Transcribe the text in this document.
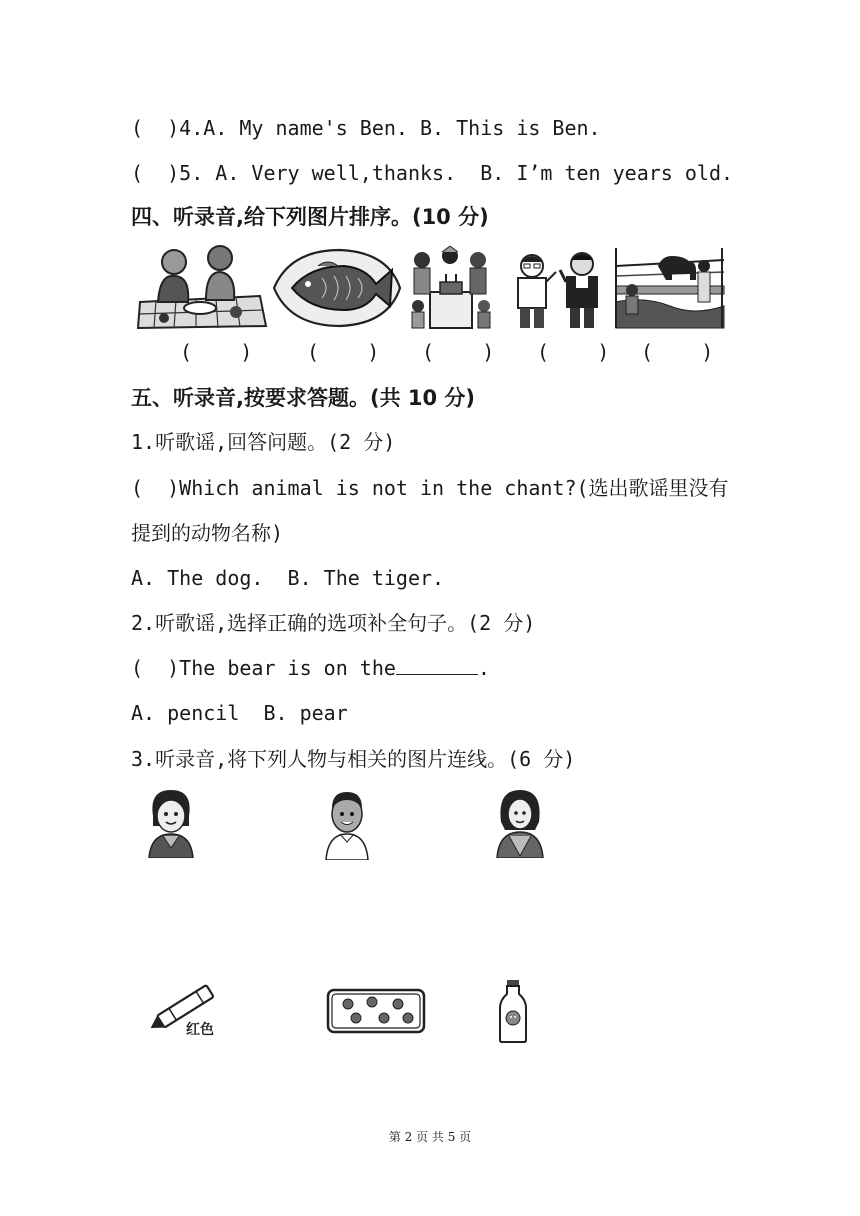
(  )4.A. My name's Ben. B. This is Ben.
(  )5. A. Very well,thanks.  B. I’m ten years old.
四、听录音,给下列图片排序。(10 分)
(    )	(    ) (    ) (    ) (    )
五、听录音,按要求答题。(共 10 分)
1.听歌谣,回答问题。(2 分)
(  )Which animal is not in the chant?(选出歌谣里没有
提到的动物名称)
A. The dog.  B. The tiger.
2.听歌谣,选择正确的选项补全句子。(2 分)
(  )The bear is on the	.
A. pencil  B. pear
3.听录音,将下列人物与相关的图片连线。(6 分)
红色
第 2 页 共 5 页
